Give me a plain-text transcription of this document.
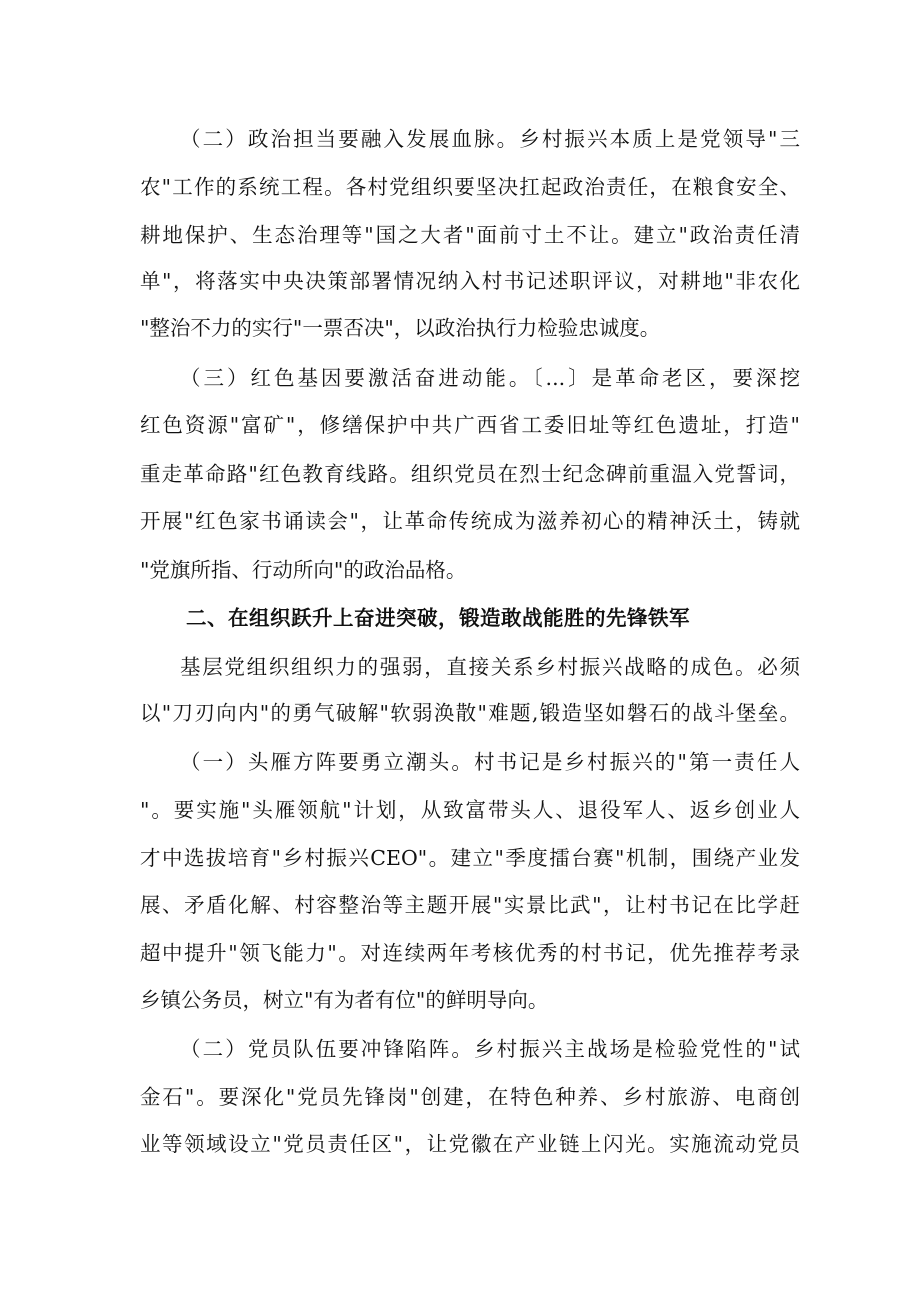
（二）政治担当要融入发展血脉。乡村振兴本质上是党领导"三
农"工作的系统工程。各村党组织要坚决扛起政治责任，在粮食安全、
耕地保护、生态治理等"国之大者"面前寸土不让。建立"政治责任清
单"，将落实中央决策部署情况纳入村书记述职评议，对耕地"非农化
"整治不力的实行"一票否决"，以政治执行力检验忠诚度。
（三）红色基因要激活奋进动能。〔...〕是革命老区，要深挖
红色资源"富矿"，修缮保护中共广西省工委旧址等红色遗址，打造"
重走革命路"红色教育线路。组织党员在烈士纪念碑前重温入党誓词，
开展"红色家书诵读会"，让革命传统成为滋养初心的精神沃土，铸就
"党旗所指、行动所向"的政治品格。
二、在组织跃升上奋进突破，锻造敢战能胜的先锋铁军
基层党组织组织力的强弱，直接关系乡村振兴战略的成色。必须
以"刀刃向内"的勇气破解"软弱涣散"难题,锻造坚如磐石的战斗堡垒。
（一）头雁方阵要勇立潮头。村书记是乡村振兴的"第一责任人
"。要实施"头雁领航"计划，从致富带头人、退役军人、返乡创业人
才中选拔培育"乡村振兴CEO"。建立"季度擂台赛"机制，围绕产业发
展、矛盾化解、村容整治等主题开展"实景比武"，让村书记在比学赶
超中提升"领飞能力"。对连续两年考核优秀的村书记，优先推荐考录
乡镇公务员，树立"有为者有位"的鲜明导向。
（二）党员队伍要冲锋陷阵。乡村振兴主战场是检验党性的"试
金石"。要深化"党员先锋岗"创建，在特色种养、乡村旅游、电商创
业等领域设立"党员责任区"，让党徽在产业链上闪光。实施流动党员
